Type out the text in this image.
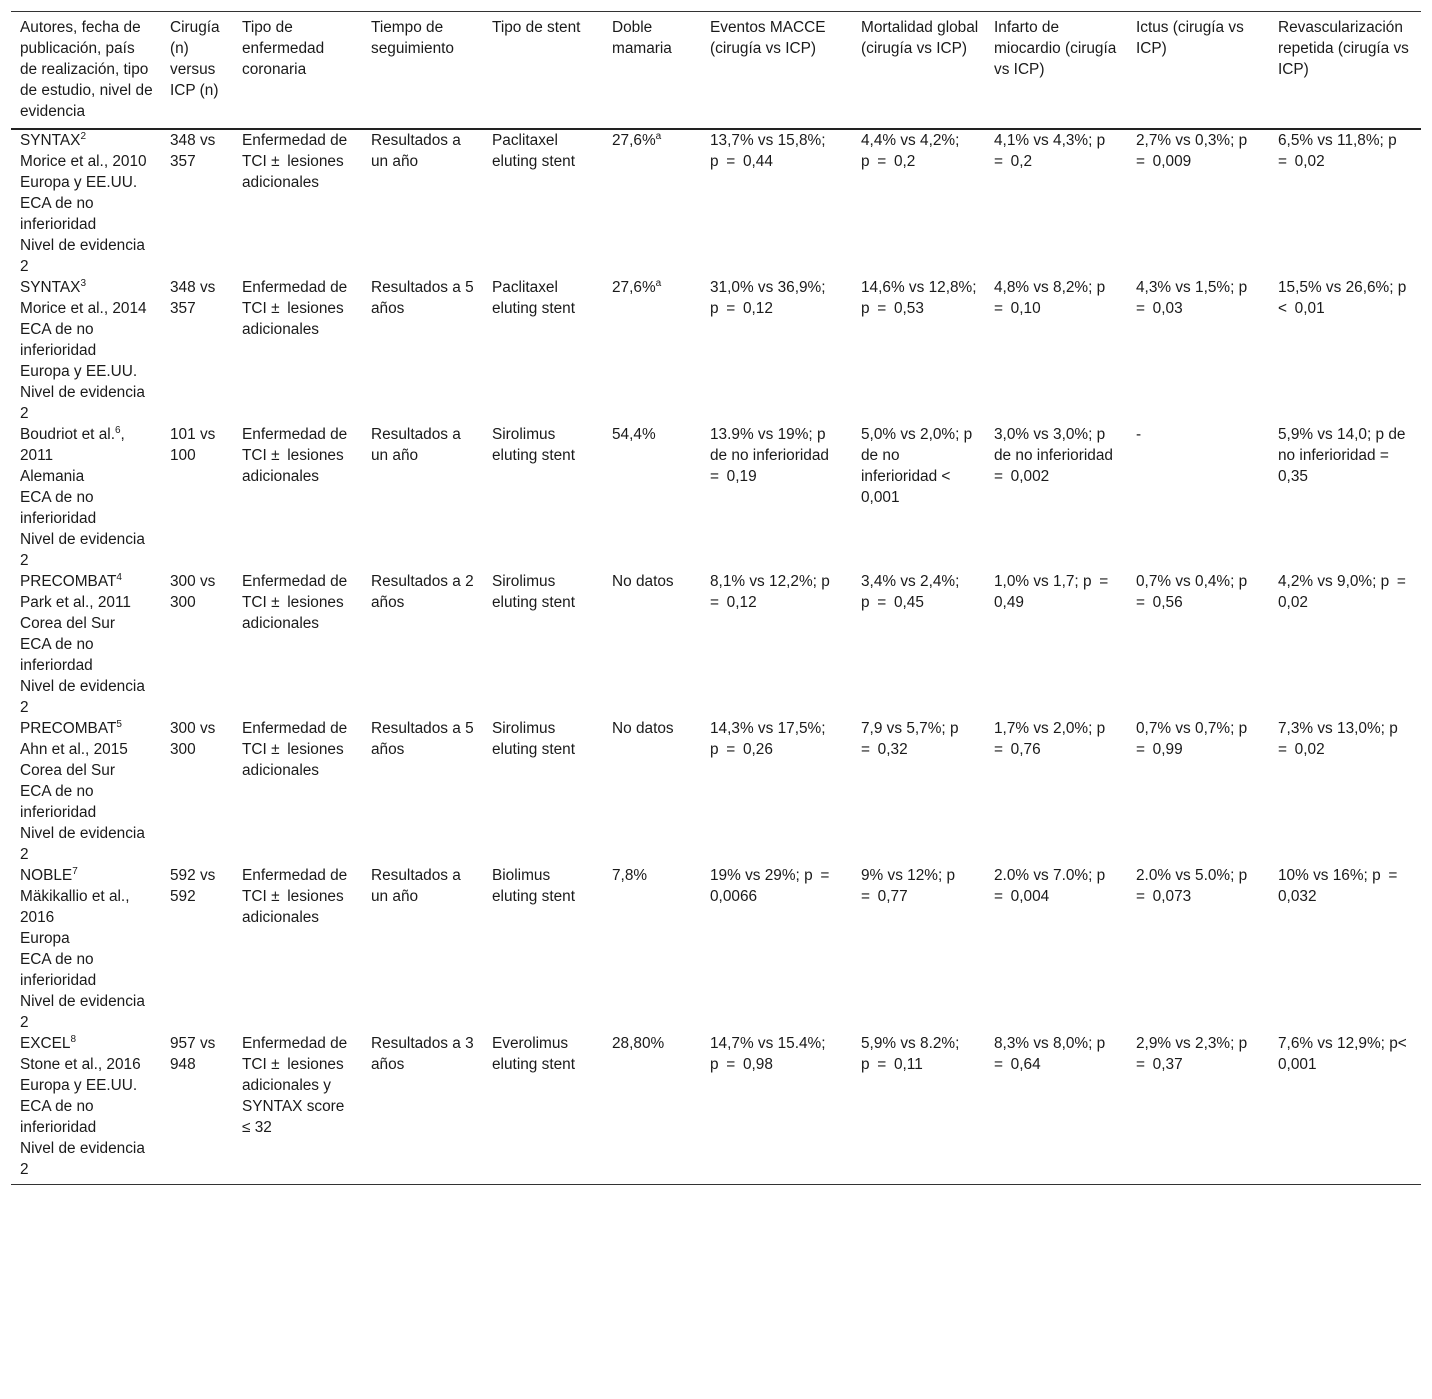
Autores, fecha de publicación, país de realización, tipo de estudio, nivel de evidencia	Cirugía (n) versus ICP (n)	Tipo de enfermedad coronaria	Tiempo de seguimiento	Tipo de stent	Doble mamaria	Eventos MACCE (cirugía vs ICP)	Mortalidad global (cirugía vs ICP)	Infarto de miocardio (cirugía vs ICP)	Ictus (cirugía vs ICP)	Revascularización repetida (cirugía vs ICP)

SYNTAX$^2$
Morice et al., 2010
Europa y EE.UU.
ECA de no inferioridad
Nivel de evidencia 2	348 vs 357	Enfermedad de TCI ± lesiones adicionales	Resultados a un año	Paclitaxel eluting stent	27,6%$^a$	13,7% vs 15,8%; p = 0,44	4,4% vs 4,2%; p = 0,2	4,1% vs 4,3%; p = 0,2	2,7% vs 0,3%; p = 0,009	6,5% vs 11,8%; p = 0,02

SYNTAX$^3$
Morice et al., 2014
ECA de no inferioridad
Europa y EE.UU.
Nivel de evidencia 2	348 vs 357	Enfermedad de TCI ± lesiones adicionales	Resultados a 5 años	Paclitaxel eluting stent	27,6%$^a$	31,0% vs 36,9%; p = 0,12	14,6% vs 12,8%; p = 0,53	4,8% vs 8,2%; p = 0,10	4,3% vs 1,5%; p = 0,03	15,5% vs 26,6%; p < 0,01

Boudriot et al.$^6$, 2011
Alemania
ECA de no inferioridad
Nivel de evidencia 2	101 vs 100	Enfermedad de TCI ± lesiones adicionales	Resultados a un año	Sirolimus eluting stent	54,4%	13.9% vs 19%; p de no inferioridad = 0,19	5,0% vs 2,0%; p de no inferioridad < 0,001	3,0% vs 3,0%; p de no inferioridad = 0,002	-	5,9% vs 14,0; p de no inferioridad = 0,35

PRECOMBAT$^4$
Park et al., 2011
Corea del Sur
ECA de no inferiordad
Nivel de evidencia 2	300 vs 300	Enfermedad de TCI ± lesiones adicionales	Resultados a 2 años	Sirolimus eluting stent	No datos	8,1% vs 12,2%; p = 0,12	3,4% vs 2,4%; p = 0,45	1,0% vs 1,7; p = 0,49	0,7% vs 0,4%; p = 0,56	4,2% vs 9,0%; p = 0,02

PRECOMBAT$^5$
Ahn et al., 2015
Corea del Sur
ECA de no inferioridad
Nivel de evidencia 2	300 vs 300	Enfermedad de TCI ± lesiones adicionales	Resultados a 5 años	Sirolimus eluting stent	No datos	14,3% vs 17,5%; p = 0,26	7,9 vs 5,7%; p = 0,32	1,7% vs 2,0%; p = 0,76	0,7% vs 0,7%; p = 0,99	7,3% vs 13,0%; p = 0,02

NOBLE$^7$
Mäkikallio et al., 2016
Europa
ECA de no inferioridad
Nivel de evidencia 2	592 vs 592	Enfermedad de TCI ± lesiones adicionales	Resultados a un año	Biolimus eluting stent	7,8%	19% vs 29%; p = 0,0066	9% vs 12%; p = 0,77	2.0% vs 7.0%; p = 0,004	2.0% vs 5.0%; p = 0,073	10% vs 16%; p = 0,032

EXCEL$^8$
Stone et al., 2016
Europa y EE.UU.
ECA de no inferioridad
Nivel de evidencia 2	957 vs 948	Enfermedad de TCI ± lesiones adicionales y SYNTAX score ≤ 32	Resultados a 3 años	Everolimus eluting stent	28,80%	14,7% vs 15.4%; p = 0,98	5,9% vs 8.2%; p = 0,11	8,3% vs 8,0%; p = 0,64	2,9% vs 2,3%; p = 0,37	7,6% vs 12,9%; p< 0,001
